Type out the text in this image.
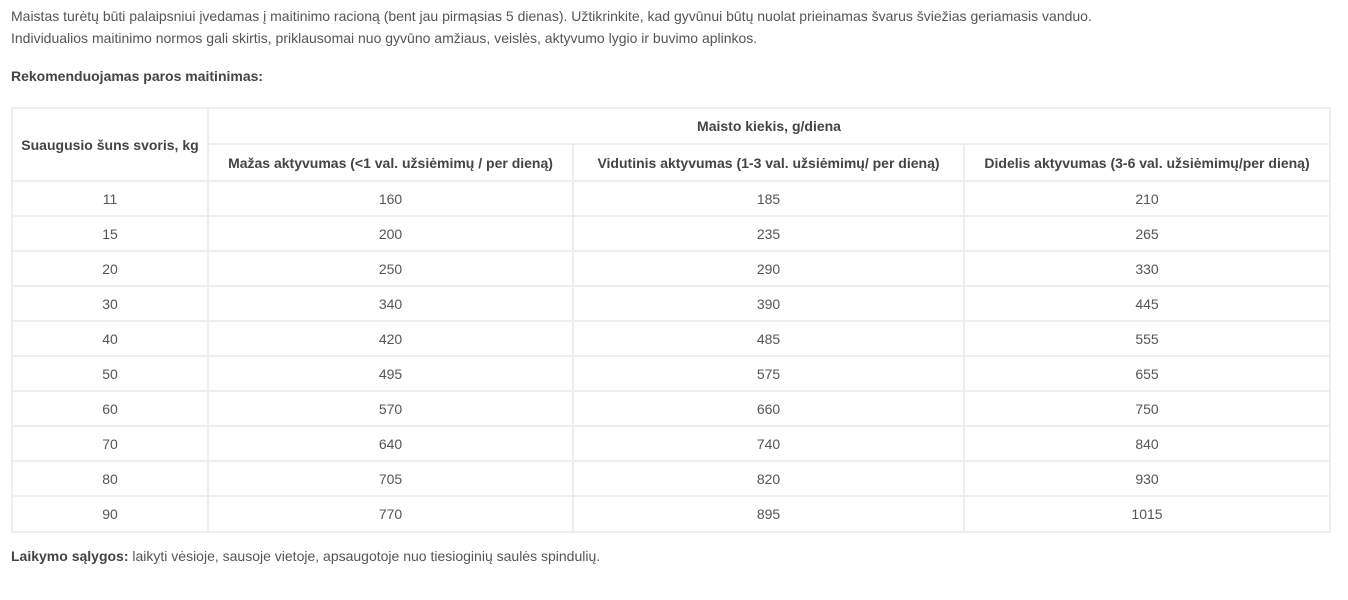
Maistas turėtų būti palaipsniui įvedamas į maitinimo racioną (bent jau pirmąsias 5 dienas). Užtikrinkite, kad gyvūnui būtų nuolat prieinamas švarus šviežias geriamasis vanduo.

Individualios maitinimo normos gali skirtis, priklausomai nuo gyvūno amžiaus, veislės, aktyvumo lygio ir buvimo aplinkos.

Rekomenduojamas paros maitinimas:

Suaugusio šuns svoris, kg	Maisto kiekis, g/diena		
	Mažas aktyvumas (<1 val. užsiėmimų / per dieną)	Vidutinis aktyvumas (1-3 val. užsiėmimų/ per dieną)	Didelis aktyvumas (3-6 val. užsiėmimų/per dieną)
11	160	185	210
15	200	235	265
20	250	290	330
30	340	390	445
40	420	485	555
50	495	575	655
60	570	660	750
70	640	740	840
80	705	820	930
90	770	895	1015

Laikymo sąlygos: laikyti vėsioje, sausoje vietoje, apsaugotoje nuo tiesioginių saulės spindulių.
